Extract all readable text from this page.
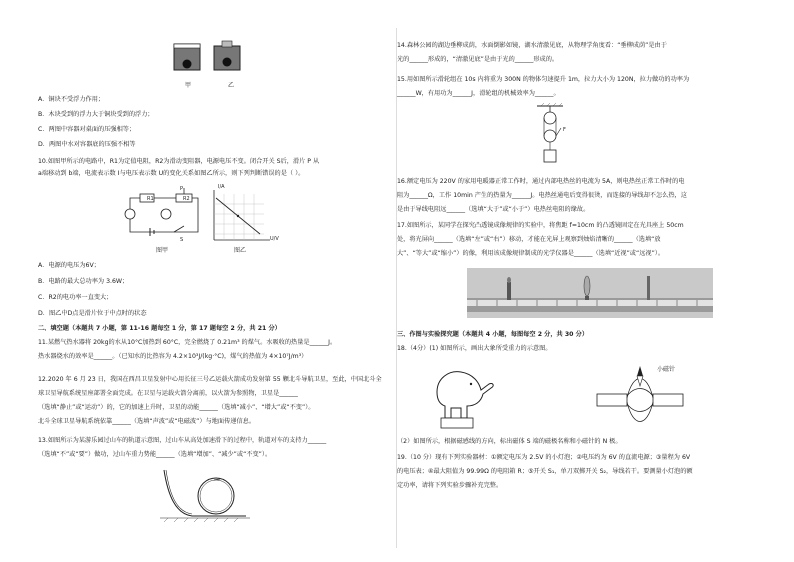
甲	乙
A．铜块不受浮力作用；
B．木块受到的浮力大于铜块受到的浮力；
C．两图中容器对桌面的压强相等；
D．两图中水对容器底的压强不相等
10.如图甲所示的电路中，R1为定值电阻，R2为滑动变阻器，电源电压不变。闭合开关 S后，滑片 P 从
a端移动到 b端，电流表示数 I与电压表示数 U的变化关系如图乙所示，则下列判断错误的是（ ）。
R1	R2
P
S
图甲
I/A
U/V
图乙
A．电源的电压为6V；
B．电路的最大总功率为 3.6W；
C．R2的电功率一直变大；
D．图乙中D点是滑片位于中点时的状态
二、填空题（本题共 7 小题，第 11-16 题每空 1 分，第 17 题每空 2 分，共 21 分）
11.某燃气热水器将 20kg的水从10°C加热到 60°C，完全燃烧了 0.21m³ 的煤气。水吸收的热量是______J。
热水器烧水的效率是______。（已知水的比热容为 4.2×10³J/(kg·°C)，煤气的热值为 4×10⁷J/m³）
12.2020 年 6 月 23 日，我国在西昌卫星发射中心用长征三号乙运载火箭成功发射第 55 颗北斗导航卫星，至此，中国北斗全
球卫星导航系统星座部署全面完成。在卫星与运载火箭分离前，以火箭为参照物，卫星是______
（选填“静止”或“运动”）的，它的加速上升时，卫星的动能______（选填“减小”、“增大”或“不变”）。
北斗全球卫星导航系统依靠______（选填“声波”或“电磁波”）与地面传递信息。
13.如图所示为某游乐园过山车的轨道示意图，过山车从高处加速滑下的过程中，轨道对车的支持力______
（选填“不”或“要”）做功，过山车重力势能______（选填“增加”、“减少”或“不变”）。
14.森林公园的湖边垂柳成荫，水面倒影如镜，湖水清澈见底，从物理学角度看：“垂柳成荫”是由于
光的______形成的，“清澈见底”是由于光的______形成的。
15.用如图所示滑轮组在 10s 内将重为 300N 的物体匀速提升 1m，拉力大小为 120N，拉力做功的功率为
______W，有用功为______J，滑轮组的机械效率为______。
F
16.额定电压为 220V 的家用电暖器正常工作时，通过内部电热丝的电流为 5A，则电热丝正常工作时的电
阻为______Ω，工作 10min 产生的热量为______J。电热丝通电后变得很烫，而连接的导线却不怎么热，这
是由于导线电阻远______（选填“大于”或“小于”）电热丝电阻的缘故。
17.如图所示，某同学在探究凸透镜成像规律的实验中，将焦距 f=10cm 的凸透镜固定在光具座上 50cm
处，将光屏向______（选填“左”或“右”）移动，才能在光屏上观察到烛焰清晰的______（选填“放
大”、“等大”或“缩小”）的像，利用该成像规律制成的光学仪器是______（选填“近视”或“远视”）。
三、作图与实验探究题（本题共 4 小题，每图每空 2 分，共 30 分）
18.（4分）(1) 如图所示，画出大象所受重力的示意图。
小磁针
（2）如图所示，根据磁感线的方向，标出磁体 S 端的磁极名称和小磁针的 N 极。
19.（10 分）现有下列实验器材：①额定电压为 2.5V 的小灯泡；②电压约为 6V 的直流电源；③量程为 6V
的电压表；④最大阻值为 99.99Ω 的电阻箱 R；⑤开关 S₁，单刀双掷开关 S₂，导线若干。要测量小灯泡的额
定功率，请将下列实验步骤补充完整。
